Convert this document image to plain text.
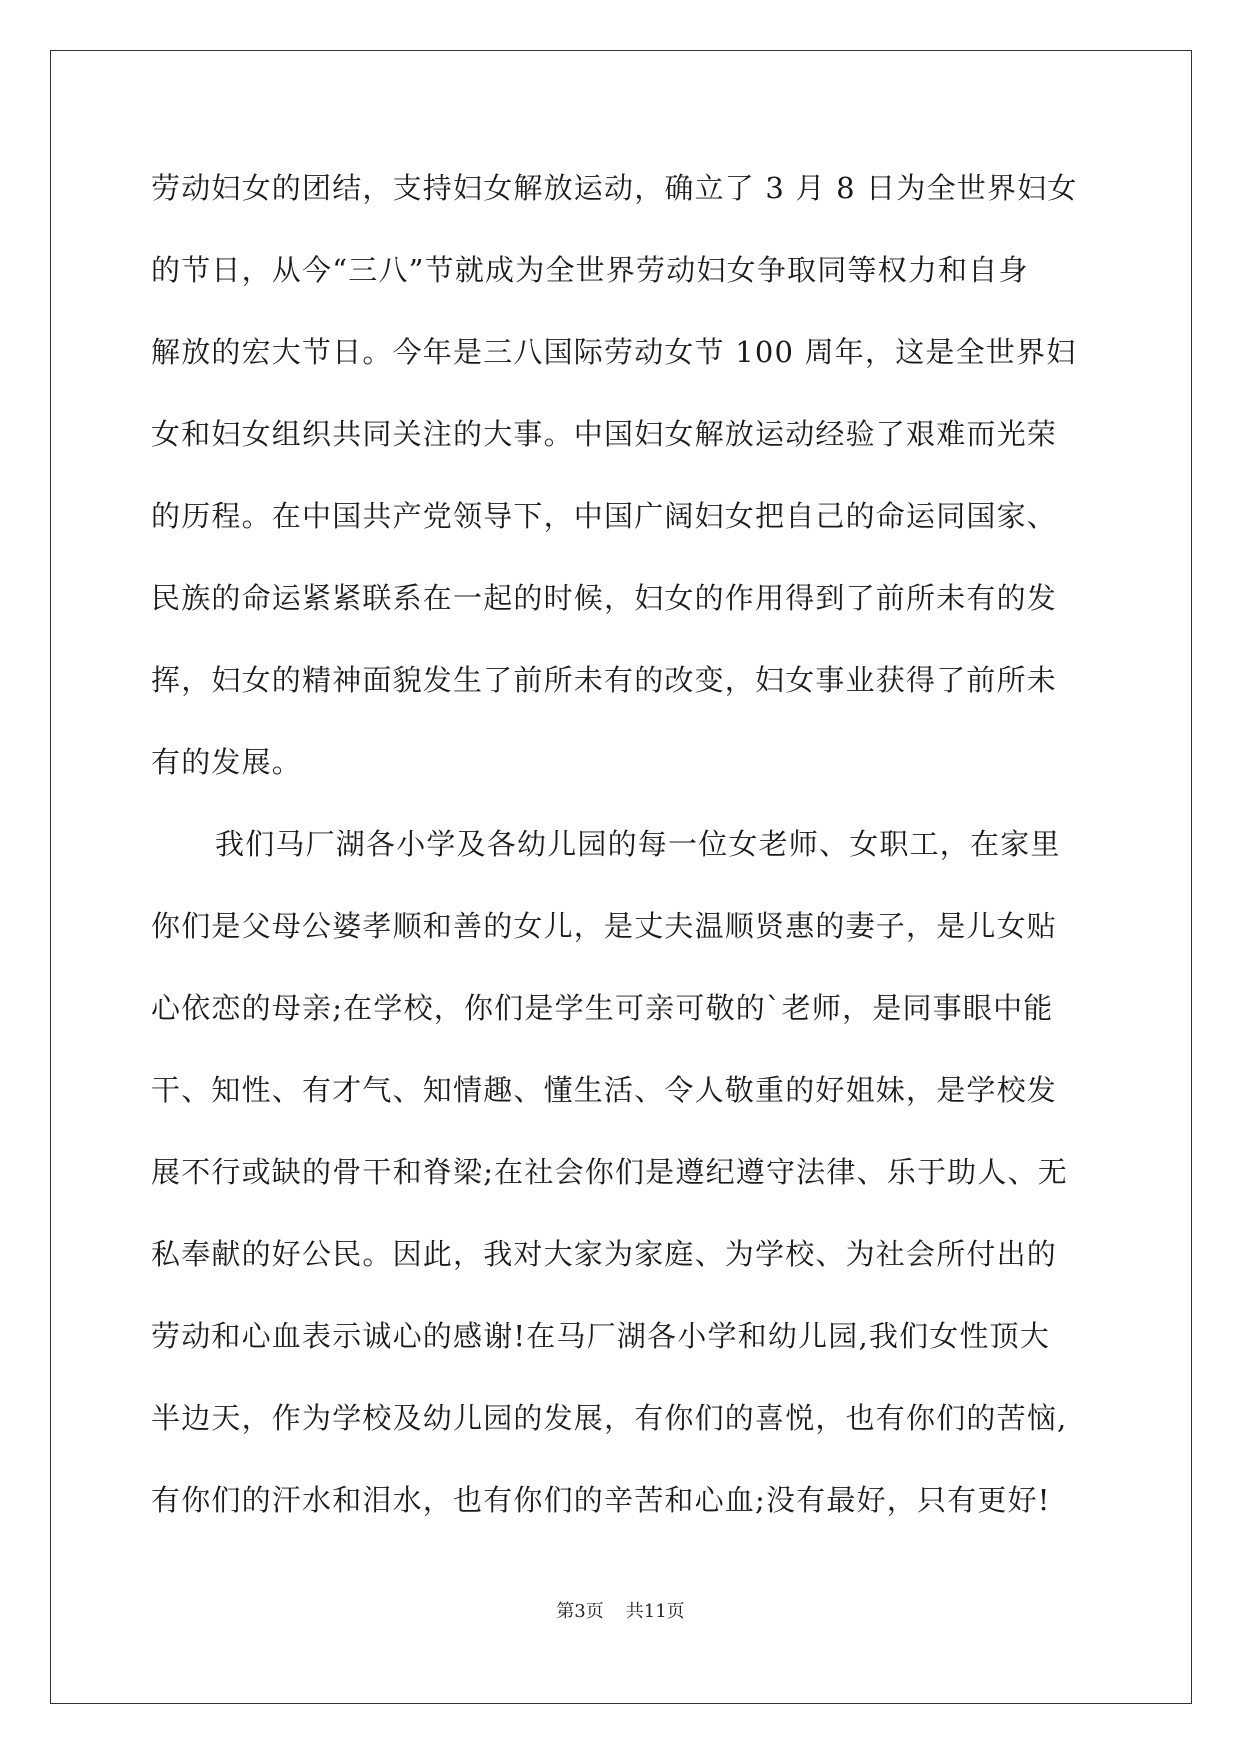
劳动妇女的团结，支持妇女解放运动，确立了 3 月 8 日为全世界妇女
的节日，从今“三八”节就成为全世界劳动妇女争取同等权力和自身
解放的宏大节日。今年是三八国际劳动女节 100 周年，这是全世界妇
女和妇女组织共同关注的大事。中国妇女解放运动经验了艰难而光荣
的历程。在中国共产党领导下，中国广阔妇女把自己的命运同国家、
民族的命运紧紧联系在一起的时候，妇女的作用得到了前所未有的发
挥，妇女的精神面貌发生了前所未有的改变，妇女事业获得了前所未
有的发展。
我们马厂湖各小学及各幼儿园的每一位女老师、女职工，在家里
你们是父母公婆孝顺和善的女儿，是丈夫温顺贤惠的妻子，是儿女贴
心依恋的母亲;在学校，你们是学生可亲可敬的`老师，是同事眼中能
干、知性、有才气、知情趣、懂生活、令人敬重的好姐妹，是学校发
展不行或缺的骨干和脊梁;在社会你们是遵纪遵守法律、乐于助人、无
私奉献的好公民。因此，我对大家为家庭、为学校、为社会所付出的
劳动和心血表示诚心的感谢!在马厂湖各小学和幼儿园,我们女性顶大
半边天，作为学校及幼儿园的发展，有你们的喜悦，也有你们的苦恼,
有你们的汗水和泪水，也有你们的辛苦和心血;没有最好，只有更好!
第3页 共11页
